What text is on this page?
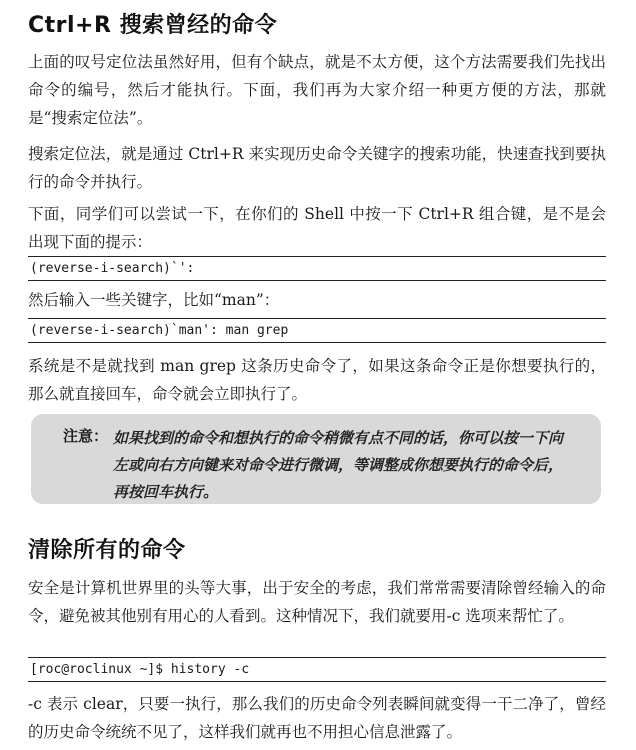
Ctrl+R 搜索曾经的命令

上面的叹号定位法虽然好用，但有个缺点，就是不太方便，这个方法需要我们先找出命令的编号，然后才能执行。下面，我们再为大家介绍一种更方便的方法，那就是“搜索定位法”。

搜索定位法，就是通过 Ctrl+R 来实现历史命令关键字的搜索功能，快速查找到要执行的命令并执行。

下面，同学们可以尝试一下，在你们的 Shell 中按一下 Ctrl+R 组合键，是不是会出现下面的提示：

(reverse-i-search)`':

然后输入一些关键字，比如“man”：

(reverse-i-search)`man': man grep

系统是不是就找到 man grep 这条历史命令了，如果这条命令正是你想要执行的，那么就直接回车，命令就会立即执行了。

注意： 如果找到的命令和想执行的命令稍微有点不同的话，你可以按一下向左或向右方向键来对命令进行微调，等调整成你想要执行的命令后，再按回车执行。
清除所有的命令

安全是计算机世界里的头等大事，出于安全的考虑，我们常常需要清除曾经输入的命令，避免被其他别有用心的人看到。这种情况下，我们就要用-c 选项来帮忙了。

[roc@roclinux ~]$ history -c

-c 表示 clear，只要一执行，那么我们的历史命令列表瞬间就变得一干二净了，曾经的历史命令统统不见了，这样我们就再也不用担心信息泄露了。
